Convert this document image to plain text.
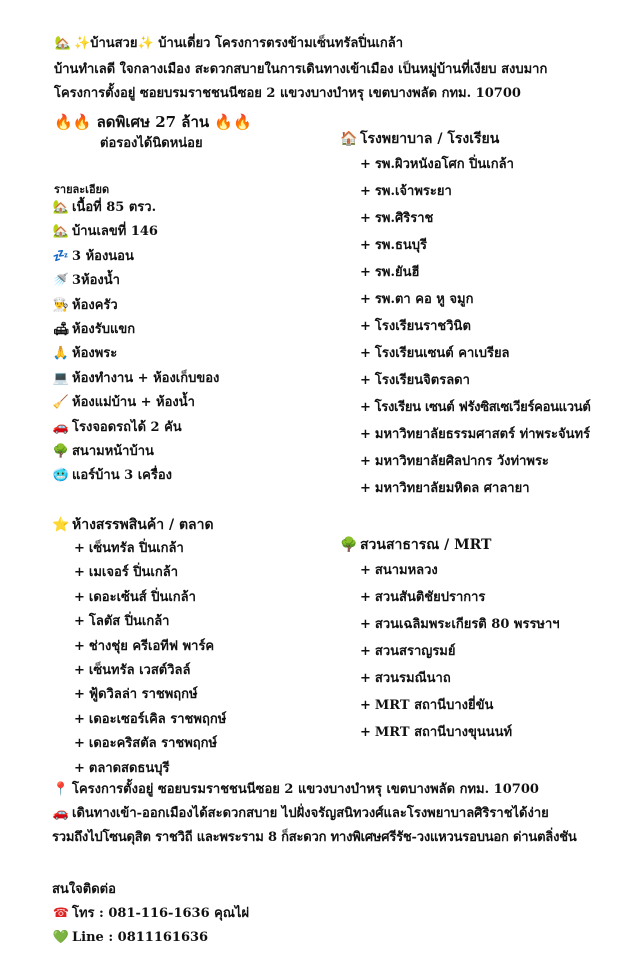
🏡 ✨บ้านสวย✨ บ้านเดี่ยว โครงการตรงข้ามเซ็นทรัลปิ่นเกล้า
บ้านทำเลดี ใจกลางเมือง สะดวกสบายในการเดินทางเข้าเมือง เป็นหมู่บ้านที่เงียบ สงบมาก
โครงการตั้งอยู่ ซอยบรมราชชนนีซอย 2 แขวงบางบำหรุ เขตบางพลัด กทม. 10700
🔥🔥 ลดพิเศษ 27 ล้าน 🔥🔥
ต่อรองได้นิดหน่อย
รายละเอียด
🏡 เนื้อที่ 85 ตรว.
🏡 บ้านเลขที่ 146
💤 3 ห้องนอน
🚿 3ห้องน้ำ
👨‍🍳 ห้องครัว
🛋 ห้องรับแขก
🙏 ห้องพระ
💻 ห้องทำงาน + ห้องเก็บของ
🧹 ห้องแม่บ้าน + ห้องน้ำ
🚗 โรงจอดรถได้ 2 คัน
🌳 สนามหน้าบ้าน
🥶 แอร์บ้าน 3 เครื่อง
🏠 โรงพยาบาล / โรงเรียน
+ รพ.ผิวหนังอโศก ปิ่นเกล้า
+ รพ.เจ้าพระยา
+ รพ.ศิริราช
+ รพ.ธนบุรี
+ รพ.ยันฮี
+ รพ.ตา คอ หู จมูก
+ โรงเรียนราชวินิต
+ โรงเรียนเซนต์ คาเบรียล
+ โรงเรียนจิตรลดา
+ โรงเรียน เซนต์ ฟรังซิสเซเวียร์คอนแวนต์
+ มหาวิทยาลัยธรรมศาสตร์ ท่าพระจันทร์
+ มหาวิทยาลัยศิลปากร วังท่าพระ
+ มหาวิทยาลัยมหิดล ศาลายา
⭐ ห้างสรรพสินค้า / ตลาด
+ เซ็นทรัล ปิ่นเกล้า
+ เมเจอร์ ปิ่นเกล้า
+ เดอะเซ้นส์ ปิ่นเกล้า
+ โลตัส ปิ่นเกล้า
+ ช่างชุ่ย ครีเอทีฟ พาร์ค
+ เซ็นทรัล เวสต์วิลล์
+ ฟู้ดวิลล่า ราชพฤกษ์
+ เดอะเซอร์เคิล ราชพฤกษ์
+ เดอะคริสตัล ราชพฤกษ์
+ ตลาดสดธนบุรี
🌳 สวนสาธารณ / MRT
+ สนามหลวง
+ สวนสันติชัยปราการ
+ สวนเฉลิมพระเกียรติ 80 พรรษาฯ
+ สวนสราญรมย์
+ สวนรมณีนาถ
+ MRT สถานีบางยี่ขัน
+ MRT สถานีบางขุนนนท์
📍 โครงการตั้งอยู่ ซอยบรมราชชนนีซอย 2 แขวงบางบำหรุ เขตบางพลัด กทม. 10700
🚗 เดินทางเข้า-ออกเมืองได้สะดวกสบาย ไปฝั่งจรัญสนิทวงศ์และโรงพยาบาลศิริราชได้ง่าย
รวมถึงไปโซนดุสิต ราชวิถี และพระราม 8 ก็สะดวก ทางพิเศษศรีรัช-วงแหวนรอบนอก ด่านตลิ่งชัน
สนใจติดต่อ
☎ โทร : 081-116-1636 คุณไผ่
💚 Line : 0811161636
